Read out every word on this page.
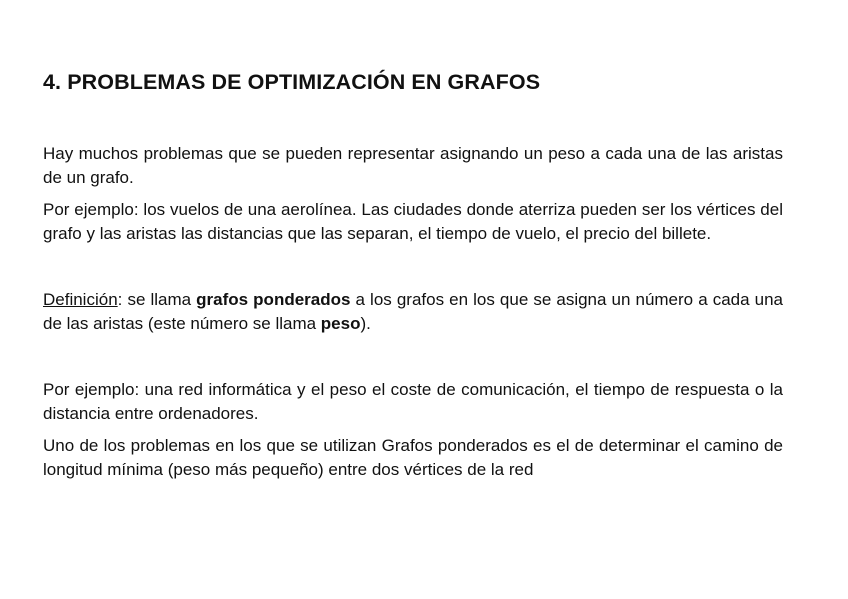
4. PROBLEMAS DE OPTIMIZACIÓN EN GRAFOS

Hay muchos problemas que se pueden representar asignando un peso a cada una de las aristas de un grafo.

Por ejemplo: los vuelos de una aerolínea. Las ciudades donde aterriza pueden ser los vértices del grafo y las aristas las distancias que las separan, el tiempo de vuelo, el precio del billete.

Definición: se llama grafos ponderados a los grafos en los que se asigna un número a cada una de las aristas (este número se llama peso).

Por ejemplo: una red informática y el peso el coste de comunicación, el tiempo de respuesta o la distancia entre ordenadores.

Uno de los problemas en los que se utilizan Grafos ponderados es el de determinar el camino de longitud mínima (peso más pequeño) entre dos vértices de la red
